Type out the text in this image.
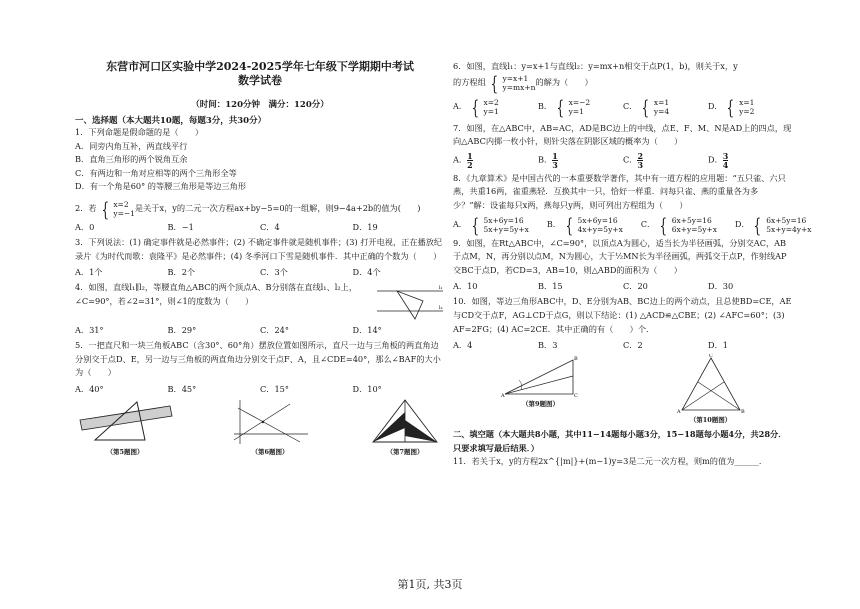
东营市河口区实验中学2024-2025学年七年级下学期期中考试
数学试卷
（时间：120分钟　满分：120分）
一、选择题（本大题共10题，每题3分，共30分）

1．下列命题是假命题的是（　　）

A．同旁内角互补，两直线平行
B．直角三角形的两个锐角互余
C．有两边和一角对应相等的两个三角形全等
D．有一个角是60° 的等腰三角形是等边三角形
2．若 { x=2
y=−1 是关于x，y的二元一次方程ax+by−5=0的一组解，则9−4a+2b的值为(　　)
A．0	B．−1	C．4	D．19

3．下列说法：(1) 确定事件就是必然事件；(2) 不确定事件就是随机事件；(3) 打开电视，正在播放纪录片《为时代而歌：袁隆平》是必然事件；(4) 冬季河口下雪是随机事件．其中正确的个数为（　　）

A．1个	B．2个	C．3个	D．4个

4．如图，直线l₁∥l₂，等腰直角△ABC的两个顶点A、B分别落在直线l₁、l₂上，∠C=90°，若∠2=31°，则∠1的度数为（　　）

l₁
l₂
A．31°	B．29°	C．24°	D．14°

5．一把直尺和一块三角板ABC（含30°、60°角）摆放位置如图所示，直尺一边与三角板的两直角边分别交于点D、E，另一边与三角板的两直角边分别交于点F、A，且∠CDE=40°，那么∠BAF的大小为（　　）

A．40°	B．45°	C．15°	D．10°
（第5题图）	（第6题图）	（第7题图）

6．如图，直线l₁：y=x+1与直线l₂：y=mx+n相交于点P(1，b)，则关于x，y

的方程组 { y=x+1
y=mx+n 的解为（　　）
A． { x=2
y=1
B． { x=−2
y=1
C． { x=1
y=4
D． { x=1
y=2

7．如图，在△ABC中，AB=AC，AD是BC边上的中线，点E、F、M、N是AD上的四点，现向△ABC内掷一枚小针，则针尖落在阴影区域的概率为（　　）

A． $\frac{1}{2}$	B． $\frac{1}{3}$	C． $\frac{2}{3}$	D． $\frac{3}{4}$

8．《九章算术》是中国古代的一本重要数学著作，其中有一道方程的应用题：“五只雀、六只燕，共重16两，雀重燕轻．互换其中一只，恰好一样重．问每只雀、燕的重量各为多少？”解：设雀每只x两，燕每只y两，则可列出方程组为（　　）

A． { 5x+6y=16
5x+y=5y+x
B． { 5x+6y=16
4x+y=5y+x
C． { 6x+5y=16
6x+y=5y+x
D． { 6x+5y=16
5x+y=4y+x

9．如图，在Rt△ABC中，∠C=90°，以顶点A为圆心，适当长为半径画弧，分别交AC，AB于点M，N，再分别以点M，N为圆心，大于½MN长为半径画弧，两弧交于点P，作射线AP交BC于点D，若CD=3，AB=10，则△ABD的面积为（　　）

A．10	B．15	C．20	D．30

10．如图，等边三角形ABC中，D、E分别为AB、BC边上的两个动点，且总使BD=CE，AE与CD交于点F，AG⊥CD于点G，则以下结论：(1) △ACD≌△CBE；(2) ∠AFC=60°；(3) AF=2FG；(4) AC=2CE．其中正确的有（　　）个．

A．4	B．3	C．2	D．1
A	C
B
（第9题图）
C
A	B
（第10题图）

二、填空题（本大题共8小题，其中11−14题每小题3分，15−18题每小题4分，共28分．只要求填写最后结果．）

11．若关于x，y的方程2x^{|m|}+(m−1)y=3是二元一次方程，则m的值为______．

第1页, 共3页
